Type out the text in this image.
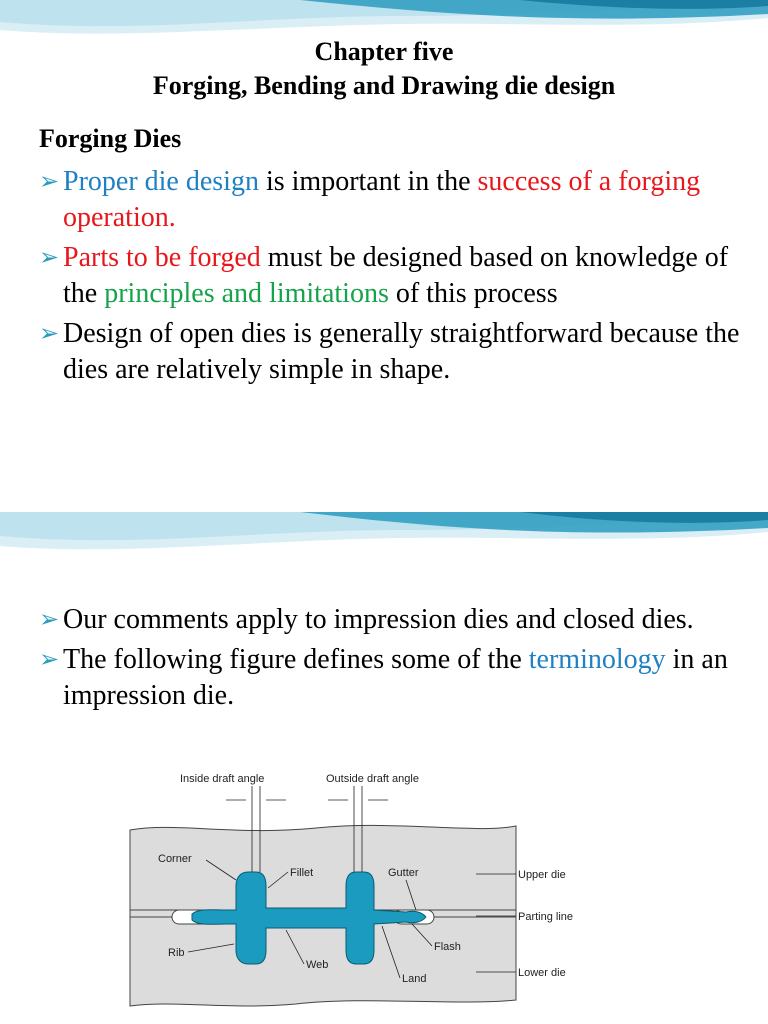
Chapter five
Forging, Bending and Drawing die design
Forging Dies
➢ Proper die design is important in the success of a forging operation.
➢ Parts to be forged must be designed based on knowledge of the principles and limitations of this process
➢ Design of open dies is generally straightforward because the dies are relatively simple in shape.
➢ Our comments apply to impression dies and closed dies.
➢ The following figure defines some of the terminology in an impression die.
Inside draft angle	Outside draft angle
Corner
Fillet	Gutter	Upper die
Parting line
Rib
Web
Flash
Land	Lower die
